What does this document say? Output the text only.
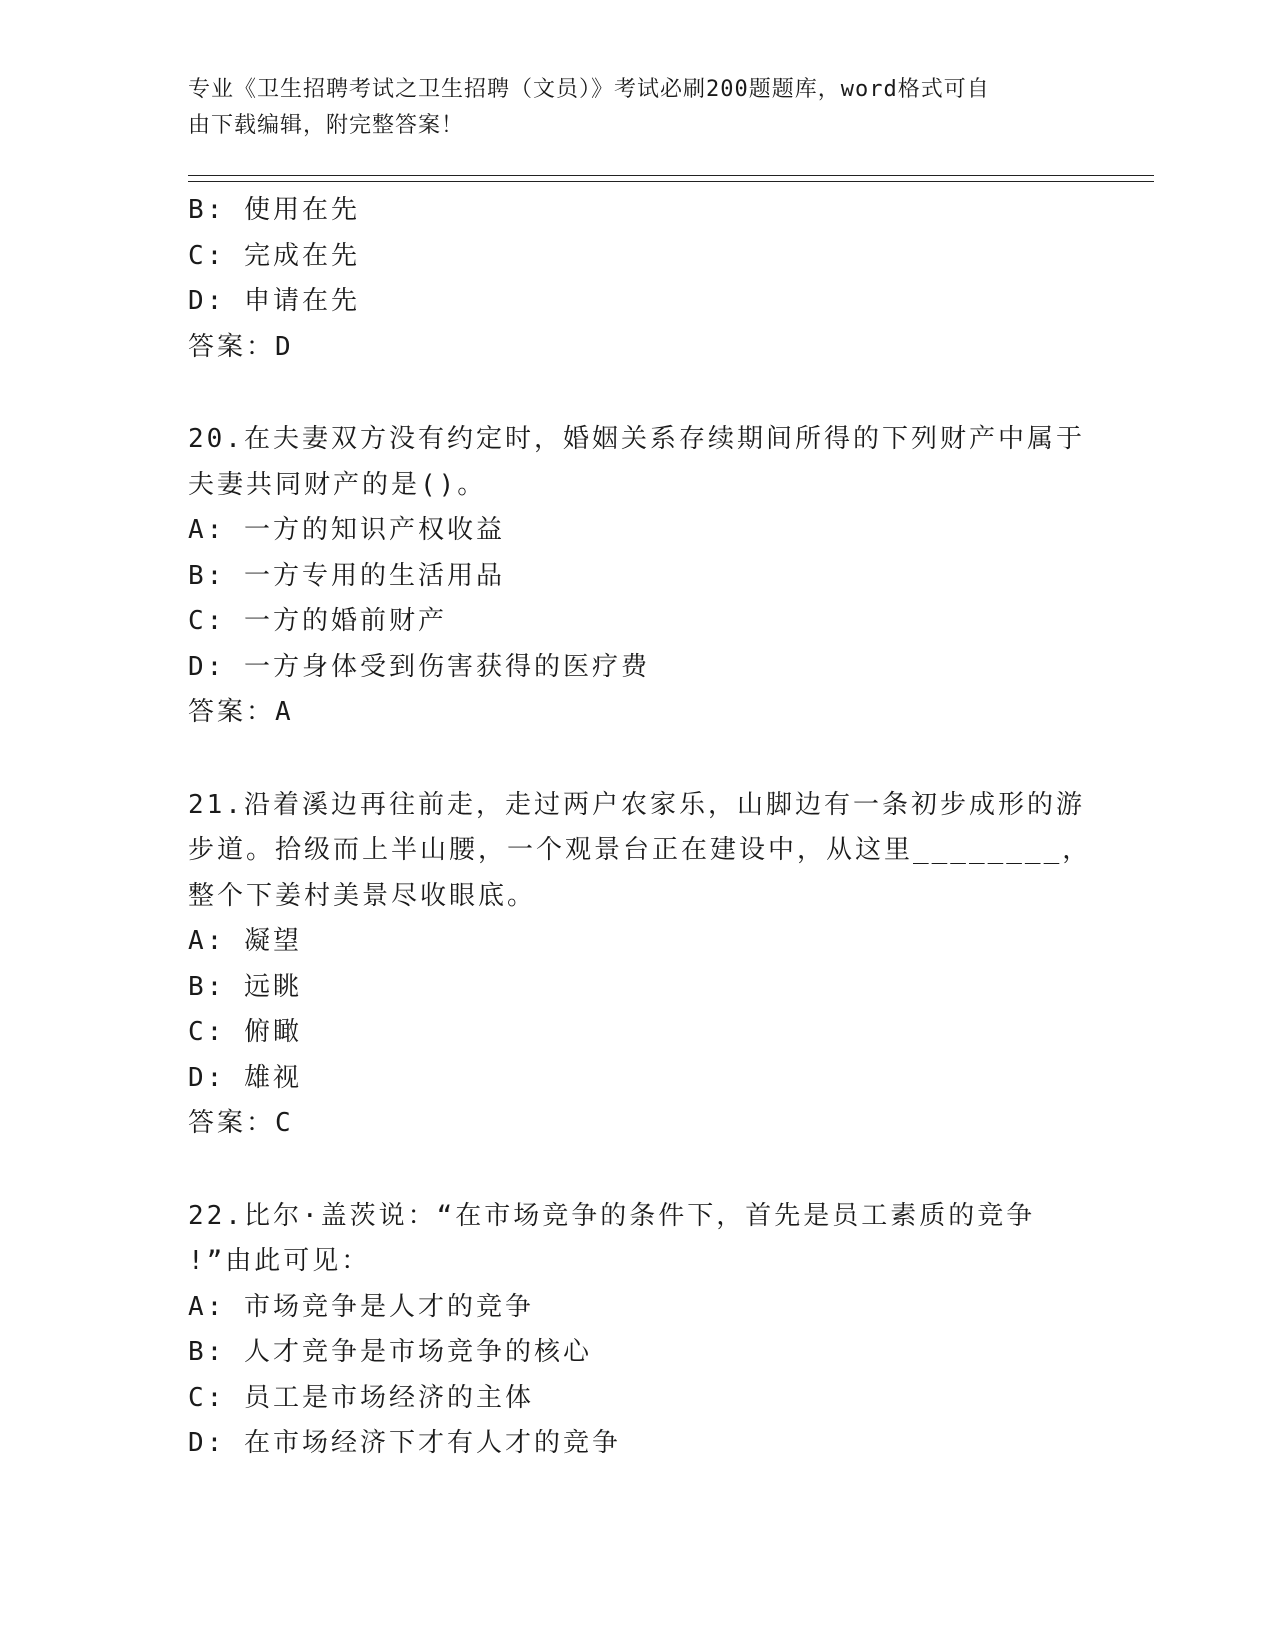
专业《卫生招聘考试之卫生招聘（文员）》考试必刷200题题库，word格式可自
由下载编辑，附完整答案！
B: 使用在先
C: 完成在先
D: 申请在先
答案：D
20.在夫妻双方没有约定时，婚姻关系存续期间所得的下列财产中属于
夫妻共同财产的是()。
A: 一方的知识产权收益
B: 一方专用的生活用品
C: 一方的婚前财产
D: 一方身体受到伤害获得的医疗费
答案：A
21.沿着溪边再往前走，走过两户农家乐，山脚边有一条初步成形的游
步道。拾级而上半山腰，一个观景台正在建设中，从这里________，
整个下姜村美景尽收眼底。
A: 凝望
B: 远眺
C: 俯瞰
D: 雄视
答案：C
22.比尔·盖茨说：“在市场竞争的条件下，首先是员工素质的竞争
!”由此可见：
A: 市场竞争是人才的竞争
B: 人才竞争是市场竞争的核心
C: 员工是市场经济的主体
D: 在市场经济下才有人才的竞争
